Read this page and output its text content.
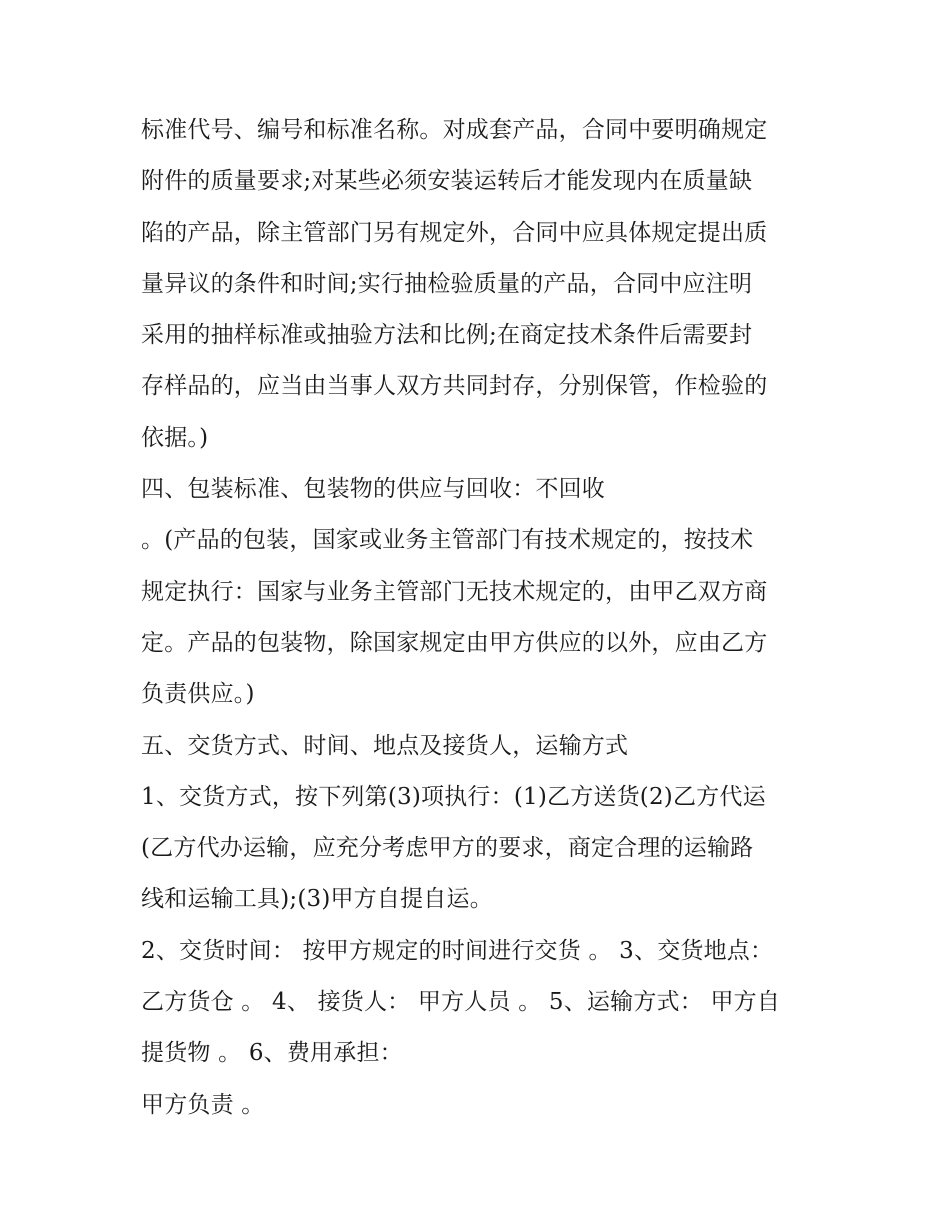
标准代号、编号和标准名称。对成套产品，合同中要明确规定
附件的质量要求;对某些必须安装运转后才能发现内在质量缺
陷的产品，除主管部门另有规定外，合同中应具体规定提出质
量异议的条件和时间;实行抽检验质量的产品，合同中应注明
采用的抽样标准或抽验方法和比例;在商定技术条件后需要封
存样品的，应当由当事人双方共同封存，分别保管，作检验的
依据。)
四、包装标准、包装物的供应与回收：不回收
。(产品的包装，国家或业务主管部门有技术规定的，按技术
规定执行：国家与业务主管部门无技术规定的，由甲乙双方商
定。产品的包装物，除国家规定由甲方供应的以外，应由乙方
负责供应。)
五、交货方式、时间、地点及接货人，运输方式
1、交货方式，按下列第(3)项执行：(1)乙方送货(2)乙方代运
(乙方代办运输，应充分考虑甲方的要求，商定合理的运输路
线和运输工具);(3)甲方自提自运。
2、交货时间： 按甲方规定的时间进行交货 。 3、交货地点：
乙方货仓 。 4、 接货人： 甲方人员 。 5、运输方式： 甲方自
提货物 。 6、费用承担：
甲方负责 。
